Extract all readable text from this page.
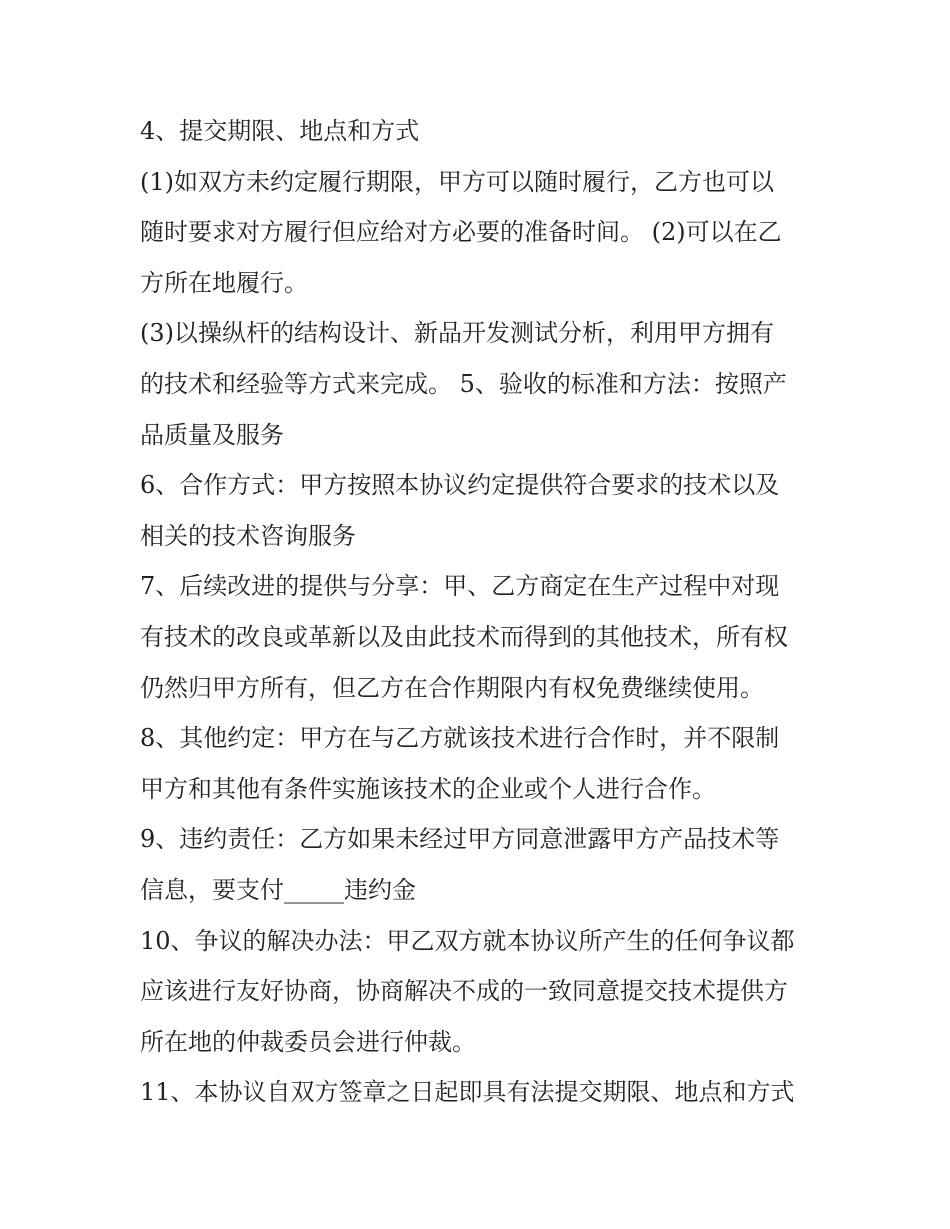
4、提交期限、地点和方式

(1)如双方未约定履行期限，甲方可以随时履行，乙方也可以
随时要求对方履行但应给对方必要的准备时间。 (2)可以在乙
方所在地履行。

(3)以操纵杆的结构设计、新品开发测试分析，利用甲方拥有
的技术和经验等方式来完成。 5、验收的标准和方法：按照产
品质量及服务

6、合作方式：甲方按照本协议约定提供符合要求的技术以及
相关的技术咨询服务

7、后续改进的提供与分享：甲、乙方商定在生产过程中对现
有技术的改良或革新以及由此技术而得到的其他技术，所有权
仍然归甲方所有，但乙方在合作期限内有权免费继续使用。

8、其他约定：甲方在与乙方就该技术进行合作时，并不限制
甲方和其他有条件实施该技术的企业或个人进行合作。

9、违约责任：乙方如果未经过甲方同意泄露甲方产品技术等
信息，要支付_____违约金

10、争议的解决办法：甲乙双方就本协议所产生的任何争议都
应该进行友好协商，协商解决不成的一致同意提交技术提供方
所在地的仲裁委员会进行仲裁。

11、本协议自双方签章之日起即具有法提交期限、地点和方式
